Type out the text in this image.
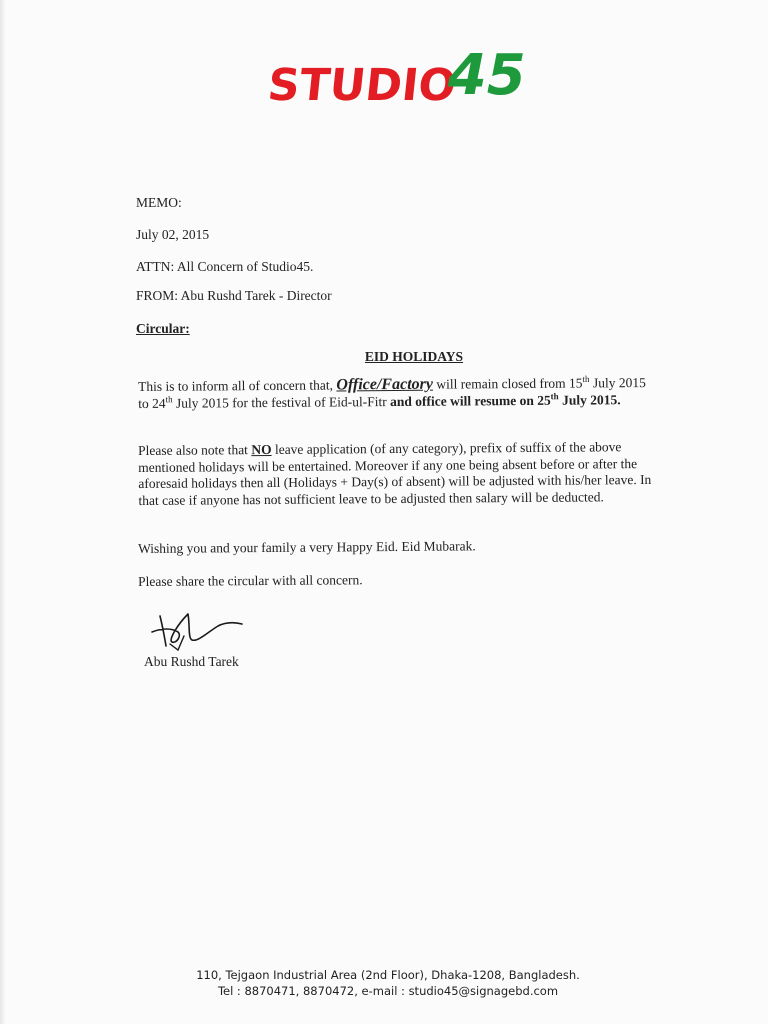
STUDIO
45
MEMO:
July 02, 2015
ATTN: All Concern of Studio45.
FROM: Abu Rushd Tarek - Director
Circular:
EID HOLIDAYS
This is to inform all of concern that, Office/Factory will remain closed from 15th July 2015 to 24th July 2015 for the festival of Eid-ul-Fitr and office will resume on 25th July 2015.
Please also note that NO leave application (of any category), prefix of suffix of the above mentioned holidays will be entertained. Moreover if any one being absent before or after the aforesaid holidays then all (Holidays + Day(s) of absent) will be adjusted with his/her leave. In that case if anyone has not sufficient leave to be adjusted then salary will be deducted.
Wishing you and your family a very Happy Eid. Eid Mubarak.
Please share the circular with all concern.
Abu Rushd Tarek
110, Tejgaon Industrial Area (2nd Floor), Dhaka-1208, Bangladesh.
Tel : 8870471, 8870472, e-mail : studio45@signagebd.com
